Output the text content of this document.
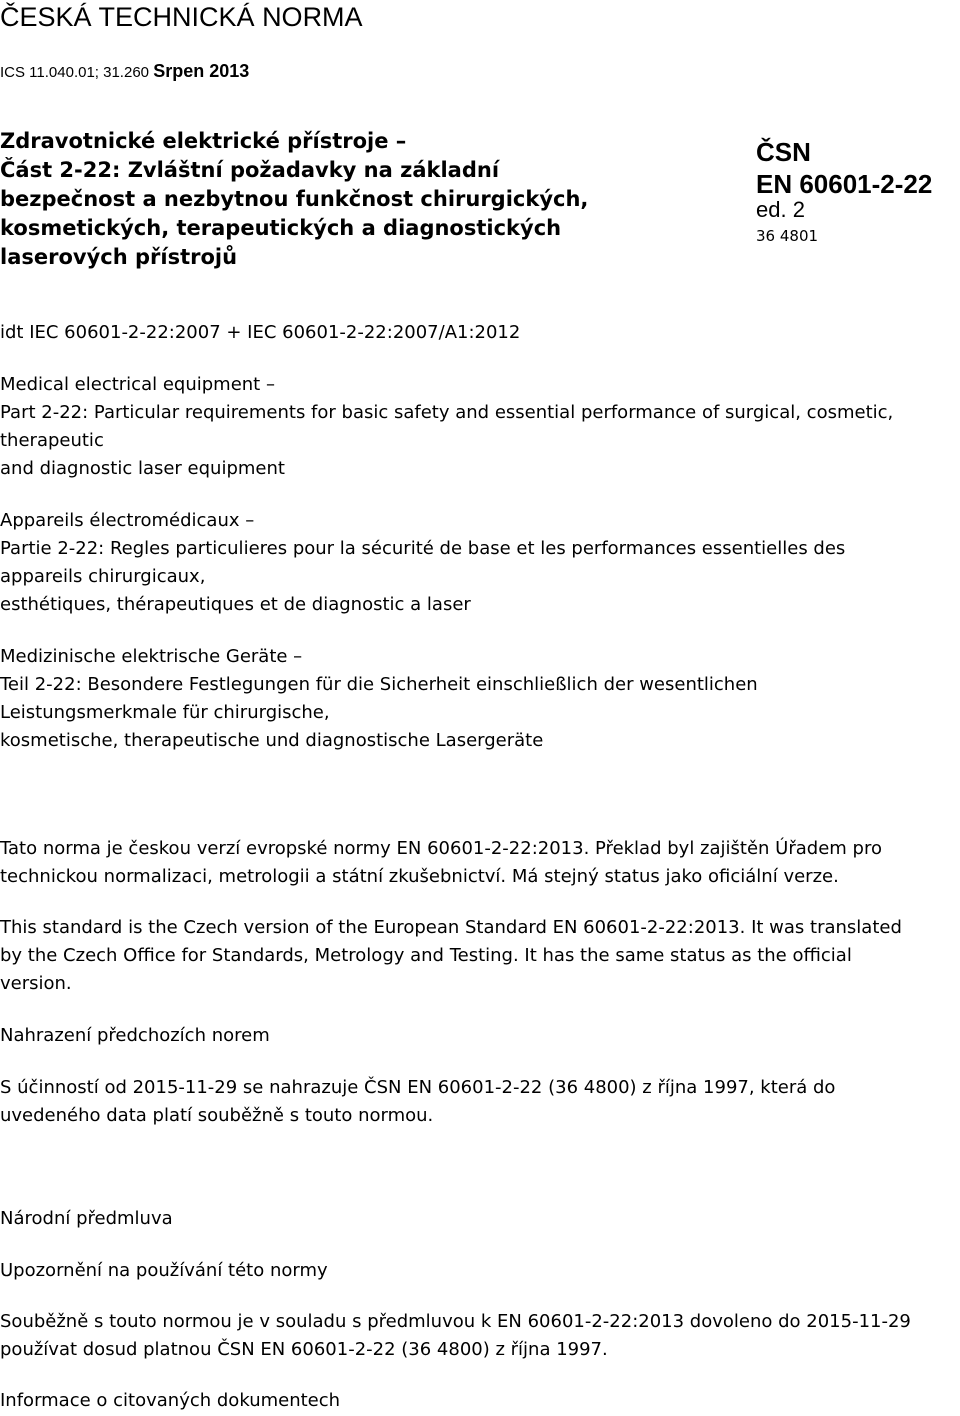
ČESKÁ TECHNICKÁ NORMA
ICS 11.040.01; 31.260 Srpen 2013
Zdravotnické elektrické přístroje –
Část 2-22: Zvláštní požadavky na základní
bezpečnost a nezbytnou funkčnost chirurgických,
kosmetických, terapeutických a diagnostických
laserových přístrojů
ČSN
EN 60601-2-22
ed. 2
36 4801
idt IEC 60601-2-22:2007 + IEC 60601-2-22:2007/A1:2012
Medical electrical equipment –
Part 2-22: Particular requirements for basic safety and essential performance of surgical, cosmetic,
therapeutic
and diagnostic laser equipment
Appareils électromédicaux –
Partie 2-22: Regles particulieres pour la sécurité de base et les performances essentielles des
appareils chirurgicaux,
esthétiques, thérapeutiques et de diagnostic a laser
Medizinische elektrische Geräte –
Teil 2-22: Besondere Festlegungen für die Sicherheit einschließlich der wesentlichen
Leistungsmerkmale für chirurgische,
kosmetische, therapeutische und diagnostische Lasergeräte
Tato norma je českou verzí evropské normy EN 60601-2-22:2013. Překlad byl zajištěn Úřadem pro
technickou normalizaci, metrologii a státní zkušebnictví. Má stejný status jako oficiální verze.
This standard is the Czech version of the European Standard EN 60601-2-22:2013. It was translated
by the Czech Office for Standards, Metrology and Testing. It has the same status as the official
version.
Nahrazení předchozích norem
S účinností od 2015-11-29 se nahrazuje ČSN EN 60601-2-22 (36 4800) z října 1997, která do
uvedeného data platí souběžně s touto normou.
Národní předmluva
Upozornění na používání této normy
Souběžně s touto normou je v souladu s předmluvou k EN 60601-2-22:2013 dovoleno do 2015-11-29
používat dosud platnou ČSN EN 60601-2-22 (36 4800) z října 1997.
Informace o citovaných dokumentech
